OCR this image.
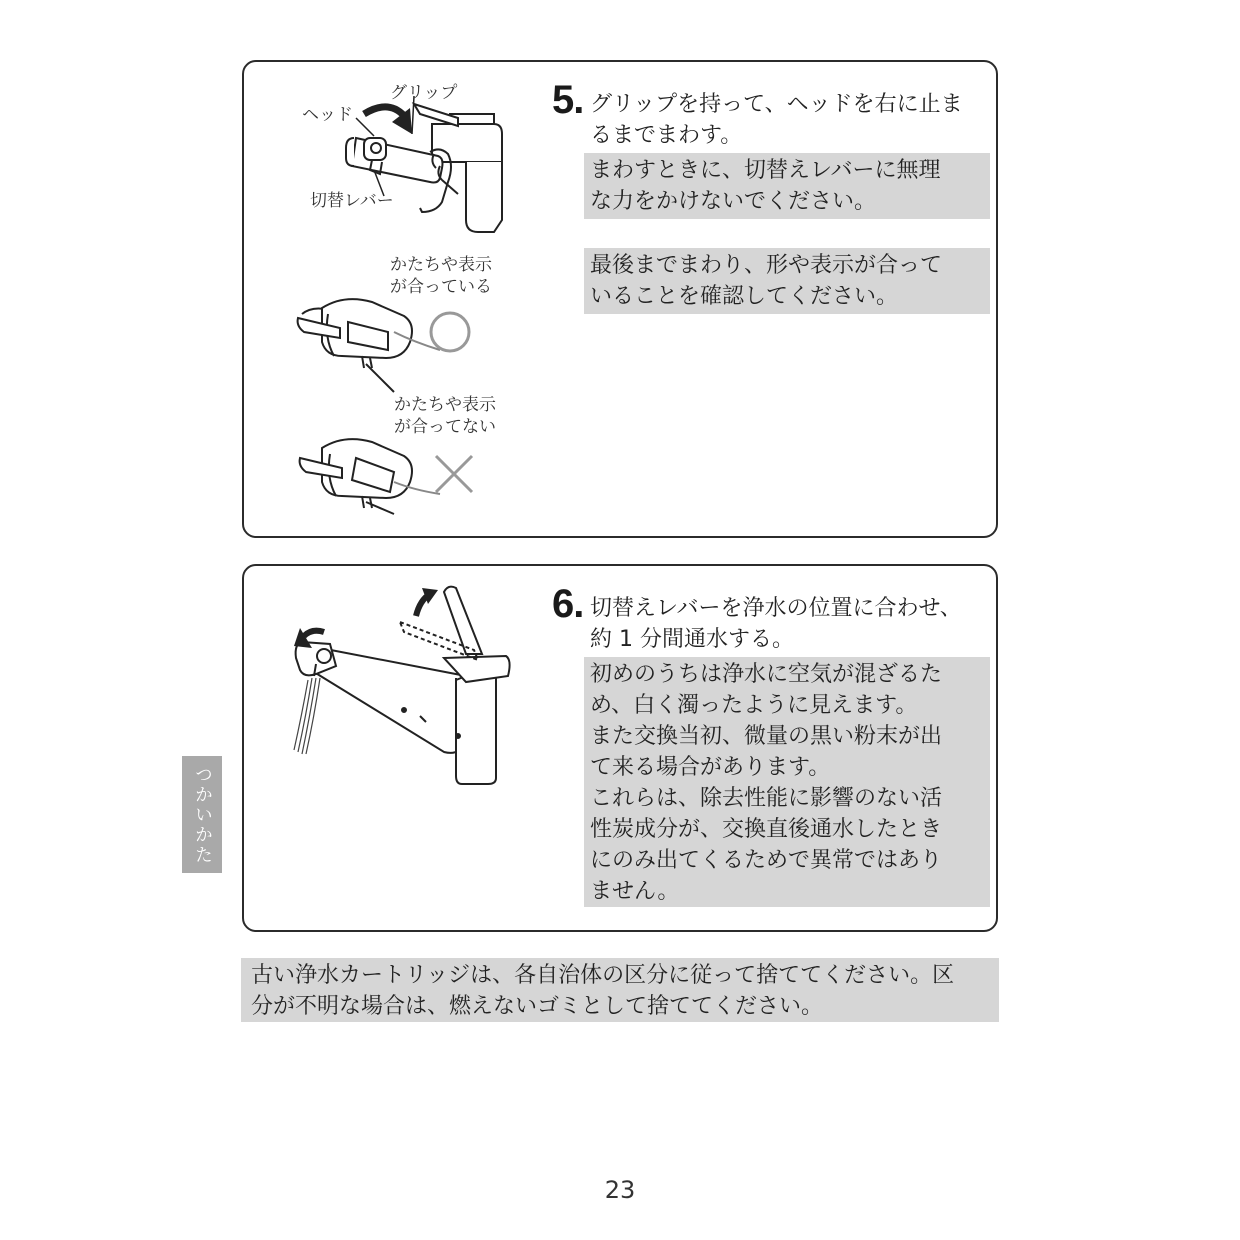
グリップ
ヘッド
切替レバー
かたちや表示
が合っている
かたちや表示
が合ってない
5. グリップを持って、ヘッドを右に止ま
るまでまわす。
まわすときに、切替えレバーに無理
な力をかけないでください。
最後までまわり、形や表示が合って
いることを確認してください。
6. 切替えレバーを浄水の位置に合わせ、
約 1 分間通水する。
初めのうちは浄水に空気が混ざるた
め、白く濁ったように見えます。
また交換当初、微量の黒い粉末が出
て来る場合があります。
これらは、除去性能に影響のない活
性炭成分が、交換直後通水したとき
にのみ出てくるためで異常ではあり
ません。
つかいかた
古い浄水カートリッジは、各自治体の区分に従って捨ててください。区
分が不明な場合は、燃えないゴミとして捨ててください。
23
